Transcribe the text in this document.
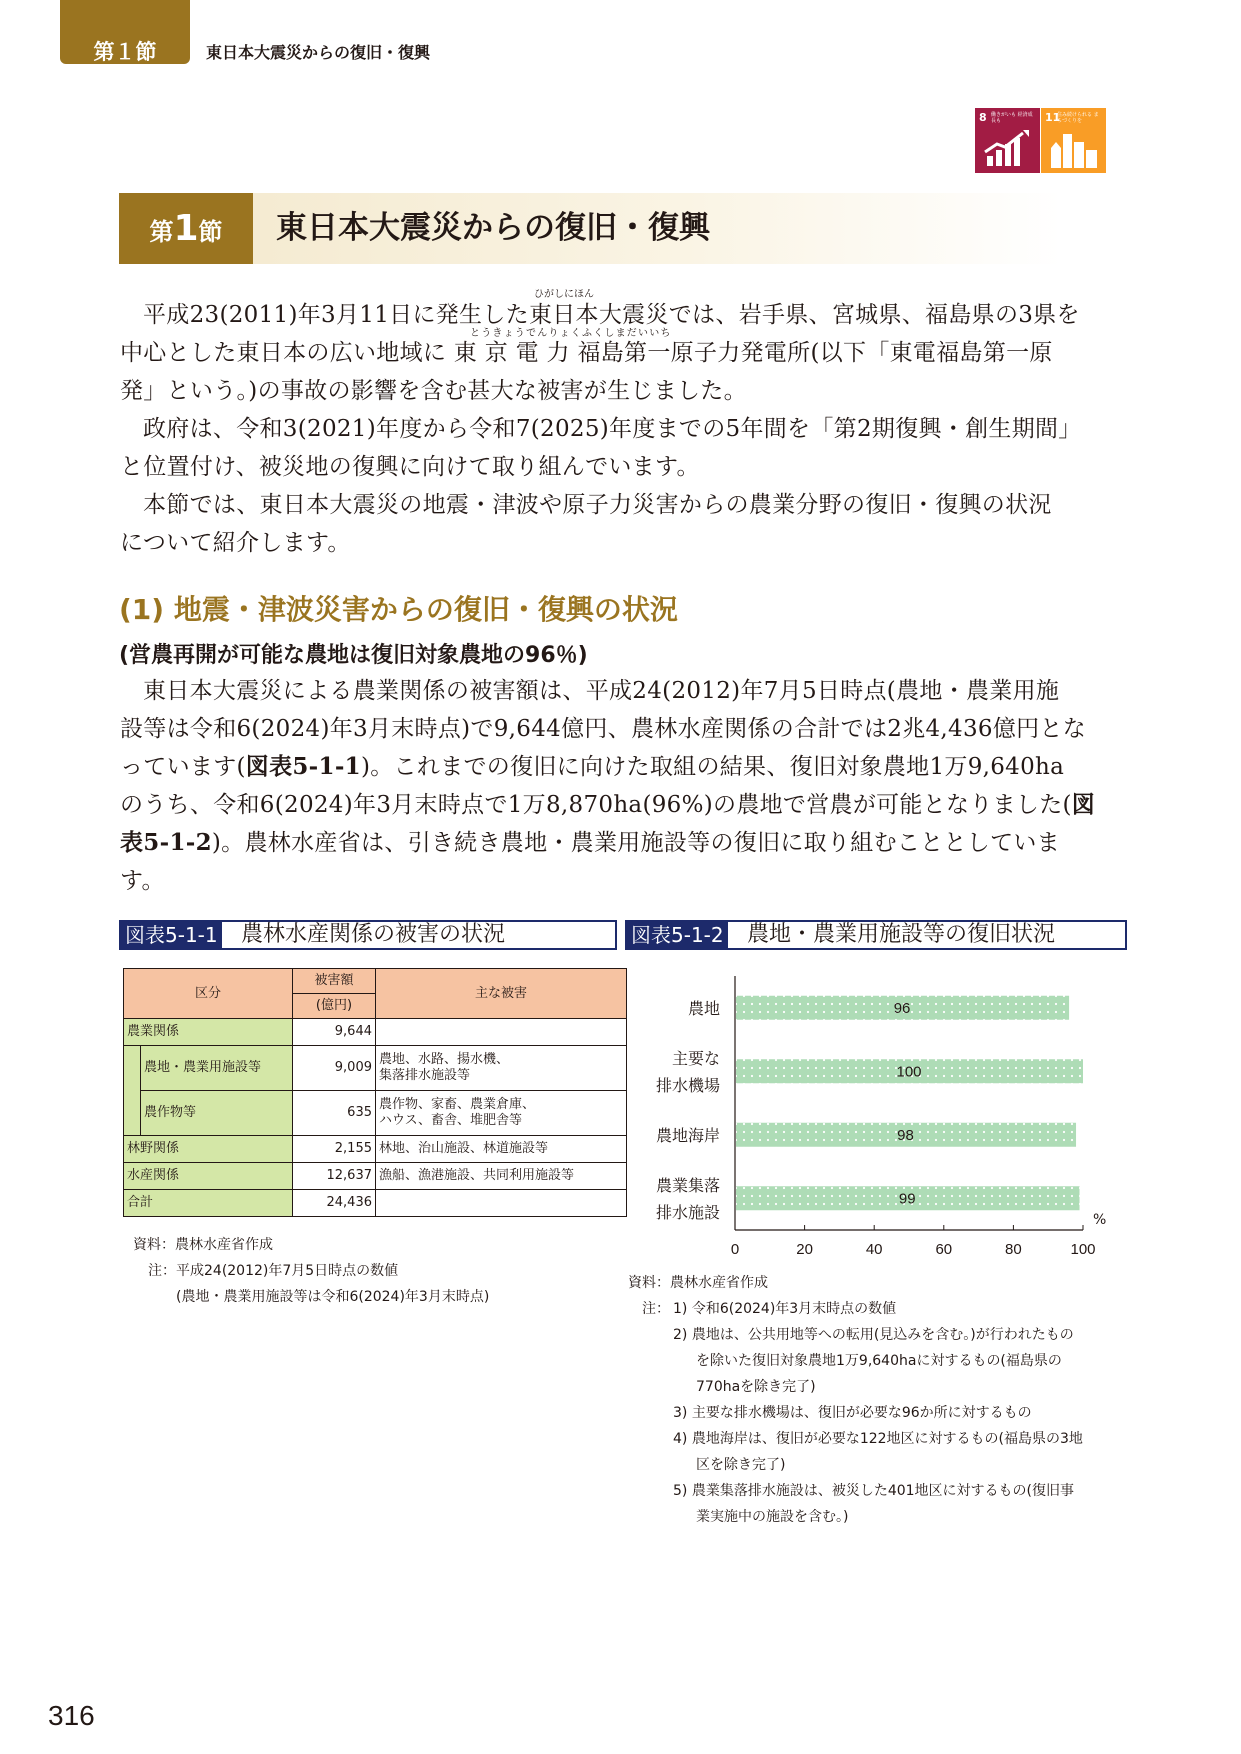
第１節	東日本大震災からの復旧・復興
8 働きがいも 経済成長も	11
住み続けられる まちづくりを
第1節	東日本大震災からの復旧・復興
ひがしにほん
とうきょうでんりょくふくしまだいいち
平成23(2011)年3月11日に発生した東日本大震災では、岩手県、宮城県、福島県の3県を
中心とした東日本の広い地域に 東 京 電 力 福島第一原子力発電所(以下「東電福島第一原
発」という。)の事故の影響を含む甚大な被害が生じました。
政府は、令和3(2021)年度から令和7(2025)年度までの5年間を「第2期復興・創生期間」
と位置付け、被災地の復興に向けて取り組んでいます。
本節では、東日本大震災の地震・津波や原子力災害からの農業分野の復旧・復興の状況
について紹介します。
(1) 地震・津波災害からの復旧・復興の状況
(営農再開が可能な農地は復旧対象農地の96％)
東日本大震災による農業関係の被害額は、平成24(2012)年7月5日時点(農地・農業用施
設等は令和6(2024)年3月末時点)で9,644億円、農林水産関係の合計では2兆4,436億円とな
っています(図表5-1-1)。これまでの復旧に向けた取組の結果、復旧対象農地1万9,640ha
のうち、令和6(2024)年3月末時点で1万8,870ha(96%)の農地で営農が可能となりました(図
表5-1-2)。農林水産省は、引き続き農地・農業用施設等の復旧に取り組むこととしていま
す。
図表5-1-1 農林水産関係の被害の状況	図表5-1-2 農地・農業用施設等の復旧状況
区分		被害額	主な被害
		(億円)	
農業関係		9,644	
	農地・農業用施設等	9,009	農地、水路、揚水機、
集落排水施設等

	農作物等	635	農作物、家畜、農業倉庫、
ハウス、畜舎、堆肥舎等

林野関係		2,155	林地、治山施設、林道施設等
水産関係		12,637	漁船、漁港施設、共同利用施設等
合計		24,436	
資料：農林水産省作成
注：平成24(2012)年7月5日時点の数値
(農地・農業用施設等は令和6(2024)年3月末時点)
0	20	40	60	80	100
%
96
農地
100
主要な
排水機場
98
農地海岸
99
農業集落
排水施設
資料：農林水産省作成
注： 1) 令和6(2024)年3月末時点の数値
2) 農地は、公共用地等への転用(見込みを含む。)が行われたもの
を除いた復旧対象農地1万9,640haに対するもの(福島県の
770haを除き完了)
3) 主要な排水機場は、復旧が必要な96か所に対するもの
4) 農地海岸は、復旧が必要な122地区に対するもの(福島県の3地
区を除き完了)
5) 農業集落排水施設は、被災した401地区に対するもの(復旧事
業実施中の施設を含む。)
316
